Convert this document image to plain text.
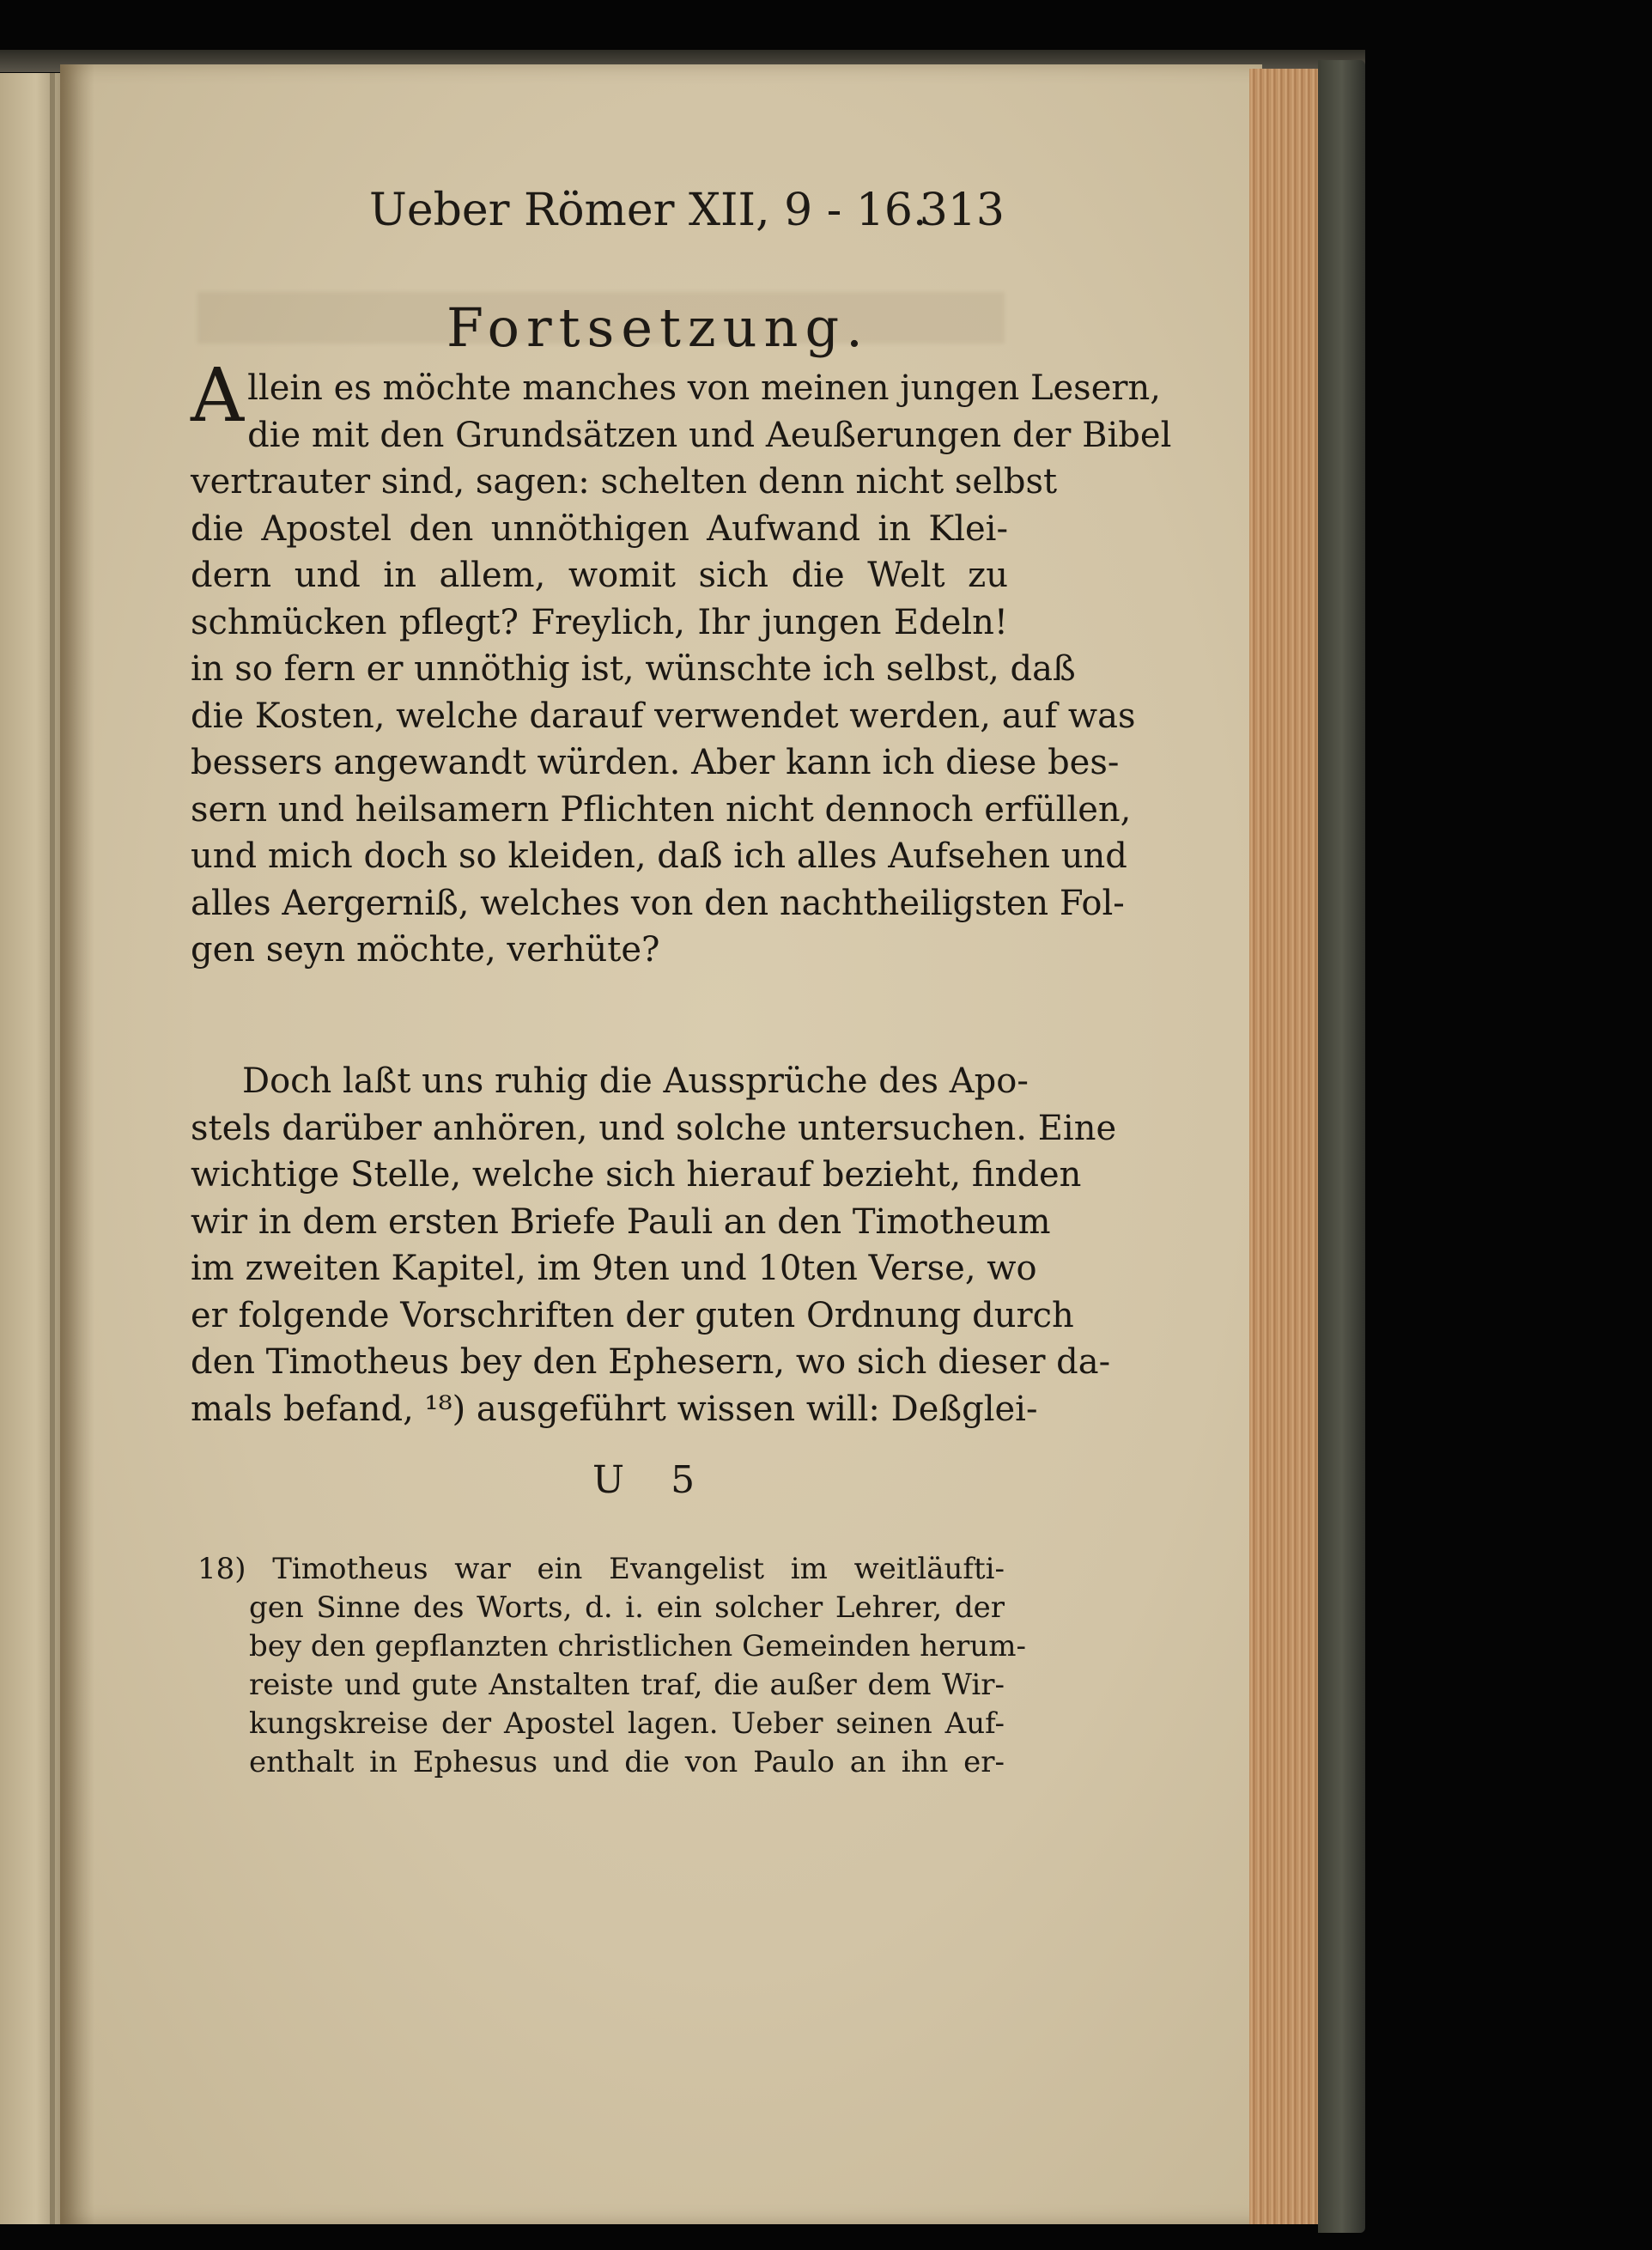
Ueber Römer XII, 9 - 16.
313
Fortsetzung.
A llein es möchte manches von meinen jungen Lesern,
die mit den Grundsätzen und Aeußerungen der Bibel
vertrauter sind, sagen: schelten denn nicht selbst
die Apostel den unnöthigen Aufwand in Klei-
dern und in allem, womit sich die Welt zu
schmücken pflegt? Freylich, Ihr jungen Edeln!
in so fern er unnöthig ist, wünschte ich selbst, daß
die Kosten, welche darauf verwendet werden, auf was
bessers angewandt würden. Aber kann ich diese bes-
sern und heilsamern Pflichten nicht dennoch erfüllen,
und mich doch so kleiden, daß ich alles Aufsehen und
alles Aergerniß, welches von den nachtheiligsten Fol-
gen seyn möchte, verhüte?
Doch laßt uns ruhig die Aussprüche des Apo-
stels darüber anhören, und solche untersuchen. Eine
wichtige Stelle, welche sich hierauf bezieht, finden
wir in dem ersten Briefe Pauli an den Timotheum
im zweiten Kapitel, im 9ten und 10ten Verse, wo
er folgende Vorschriften der guten Ordnung durch
den Timotheus bey den Ephesern, wo sich dieser da-
mals befand, ¹⁸) ausgeführt wissen will: Deßglei-
U 5
18) Timotheus war ein Evangelist im weitläufti-
gen Sinne des Worts, d. i. ein solcher Lehrer, der
bey den gepflanzten christlichen Gemeinden herum-
reiste und gute Anstalten traf, die außer dem Wir-
kungskreise der Apostel lagen. Ueber seinen Auf-
enthalt in Ephesus und die von Paulo an ihn er-
